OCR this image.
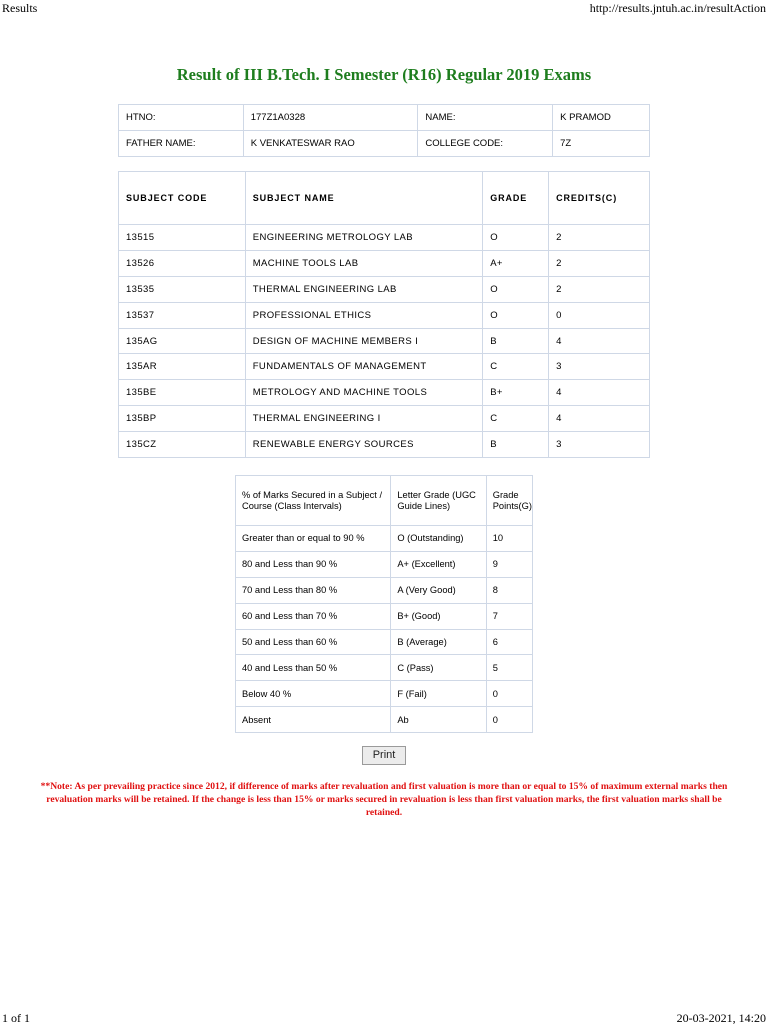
Results	http://results.jntuh.ac.in/resultAction
Result of III B.Tech. I Semester (R16) Regular 2019 Exams
HTNO:	177Z1A0328	NAME:	K PRAMOD
FATHER NAME:	K VENKATESWAR RAO	COLLEGE CODE:	7Z
SUBJECT CODE	SUBJECT NAME	GRADE	CREDITS(C)
13515	ENGINEERING METROLOGY LAB	O	2
13526	MACHINE TOOLS LAB	A+	2
13535	THERMAL ENGINEERING LAB	O	2
13537	PROFESSIONAL ETHICS	O	0
135AG	DESIGN OF MACHINE MEMBERS I	B	4
135AR	FUNDAMENTALS OF MANAGEMENT	C	3
135BE	METROLOGY AND MACHINE TOOLS	B+	4
135BP	THERMAL ENGINEERING I	C	4
135CZ	RENEWABLE ENERGY SOURCES	B	3
% of Marks Secured in a Subject / Course (Class Intervals)	Letter Grade (UGC Guide Lines)	Grade Points(G)
Greater than or equal to 90 %	O (Outstanding)	10
80 and Less than 90 %	A+ (Excellent)	9
70 and Less than 80 %	A (Very Good)	8
60 and Less than 70 %	B+ (Good)	7
50 and Less than 60 %	B (Average)	6
40 and Less than 50 %	C (Pass)	5
Below 40 %	F (Fail)	0
Absent	Ab	0
Print

**Note: As per prevailing practice since 2012, if difference of marks after revaluation and first valuation is more than or equal to 15% of maximum external marks then revaluation marks will be retained. If the change is less than 15% or marks secured in revaluation is less than first valuation marks, the first valuation marks shall be retained.

1 of 1	20-03-2021, 14:20
